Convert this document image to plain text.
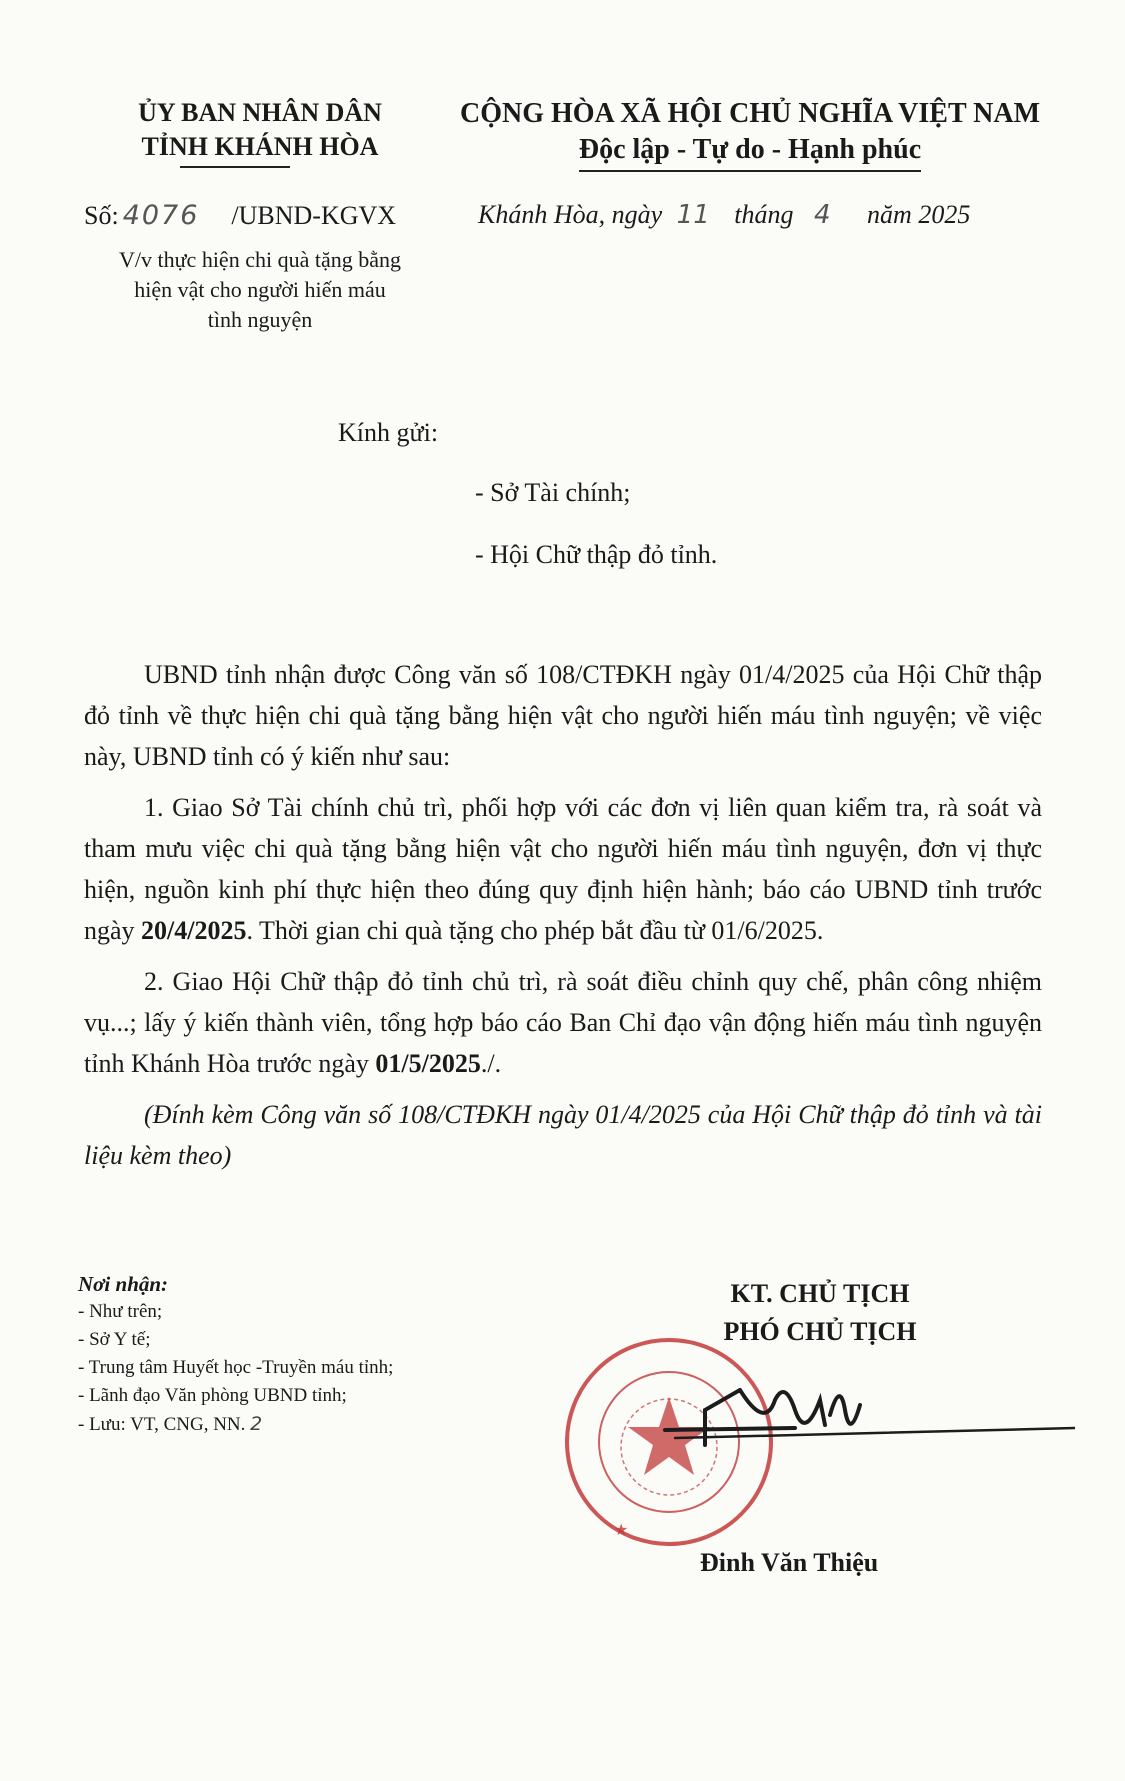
ỦY BAN NHÂN DÂN
TỈNH KHÁNH HÒA
CỘNG HÒA XÃ HỘI CHỦ NGHĨA VIỆT NAM
Độc lập - Tự do - Hạnh phúc
Số: 4076 /UBND-KGVX	Khánh Hòa, ngày 11 tháng 4 năm 2025
V/v thực hiện chi quà tặng bằng
hiện vật cho người hiến máu
tình nguyện
Kính gửi:
- Sở Tài chính;
- Hội Chữ thập đỏ tỉnh.

UBND tỉnh nhận được Công văn số 108/CTĐKH ngày 01/4/2025 của Hội Chữ thập đỏ tỉnh về thực hiện chi quà tặng bằng hiện vật cho người hiến máu tình nguyện; về việc này, UBND tỉnh có ý kiến như sau:

1. Giao Sở Tài chính chủ trì, phối hợp với các đơn vị liên quan kiểm tra, rà soát và tham mưu việc chi quà tặng bằng hiện vật cho người hiến máu tình nguyện, đơn vị thực hiện, nguồn kinh phí thực hiện theo đúng quy định hiện hành; báo cáo UBND tỉnh trước ngày 20/4/2025. Thời gian chi quà tặng cho phép bắt đầu từ 01/6/2025.

2. Giao Hội Chữ thập đỏ tỉnh chủ trì, rà soát điều chỉnh quy chế, phân công nhiệm vụ...; lấy ý kiến thành viên, tổng hợp báo cáo Ban Chỉ đạo vận động hiến máu tình nguyện tỉnh Khánh Hòa trước ngày 01/5/2025./.

(Đính kèm Công văn số 108/CTĐKH ngày 01/4/2025 của Hội Chữ thập đỏ tỉnh và tài liệu kèm theo)

Nơi nhận:
- Như trên;
- Sở Y tế;
- Trung tâm Huyết học -Truyền máu tỉnh;
- Lãnh đạo Văn phòng UBND tỉnh;
- Lưu: VT, CNG, NN. 2
KT. CHỦ TỊCH
PHÓ CHỦ TỊCH
★
Đinh Văn Thiệu
